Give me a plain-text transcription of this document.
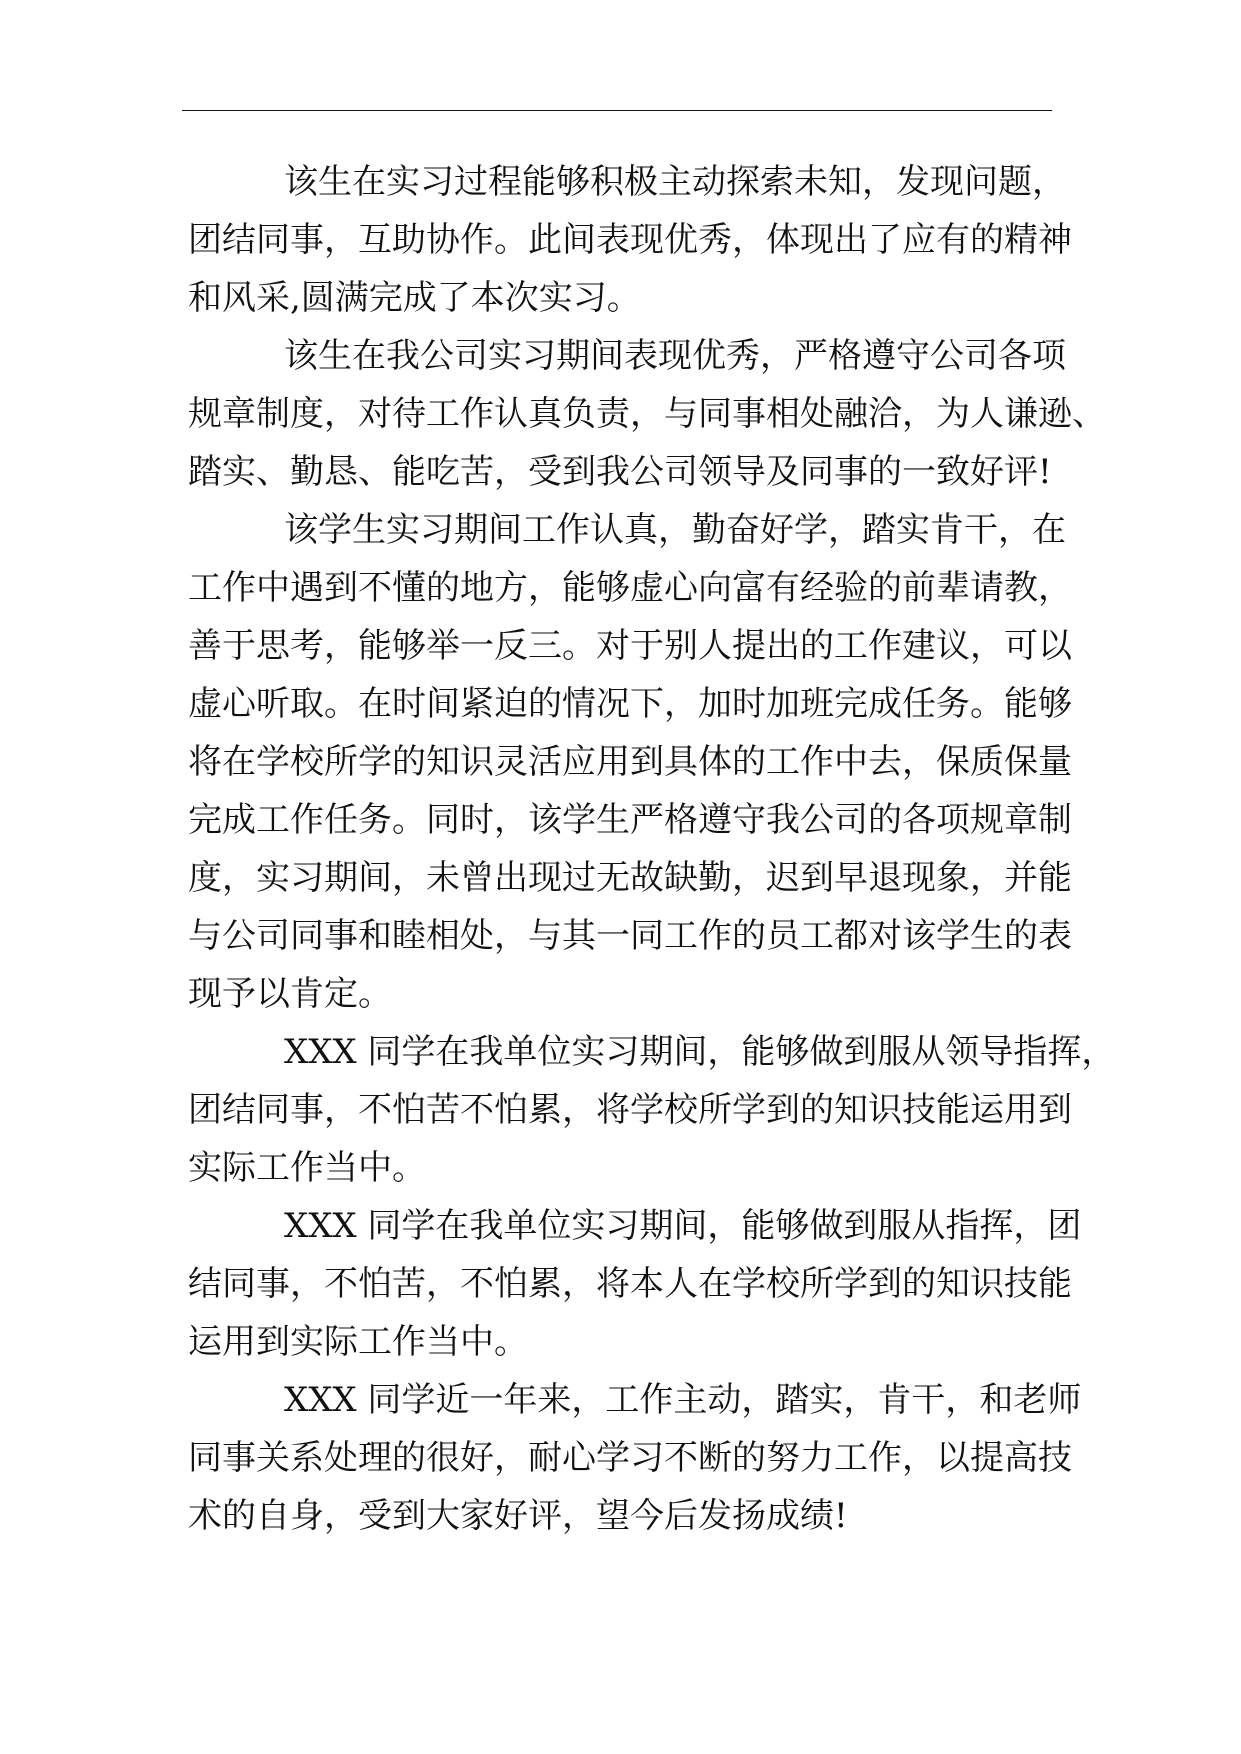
该生在实习过程能够积极主动探索未知，发现问题，
团结同事，互助协作。此间表现优秀，体现出了应有的精神
和风采,圆满完成了本次实习。
该生在我公司实习期间表现优秀，严格遵守公司各项
规章制度，对待工作认真负责，与同事相处融洽，为人谦逊、
踏实、勤恳、能吃苦，受到我公司领导及同事的一致好评!
该学生实习期间工作认真，勤奋好学，踏实肯干，在
工作中遇到不懂的地方，能够虚心向富有经验的前辈请教，
善于思考，能够举一反三。对于别人提出的工作建议，可以
虚心听取。在时间紧迫的情况下，加时加班完成任务。能够
将在学校所学的知识灵活应用到具体的工作中去，保质保量
完成工作任务。同时，该学生严格遵守我公司的各项规章制
度，实习期间，未曾出现过无故缺勤，迟到早退现象，并能
与公司同事和睦相处，与其一同工作的员工都对该学生的表
现予以肯定。
XXX 同学在我单位实习期间，能够做到服从领导指挥，
团结同事，不怕苦不怕累，将学校所学到的知识技能运用到
实际工作当中。
XXX 同学在我单位实习期间，能够做到服从指挥，团
结同事，不怕苦，不怕累，将本人在学校所学到的知识技能
运用到实际工作当中。
XXX 同学近一年来，工作主动，踏实，肯干，和老师
同事关系处理的很好，耐心学习不断的努力工作，以提高技
术的自身，受到大家好评，望今后发扬成绩!
